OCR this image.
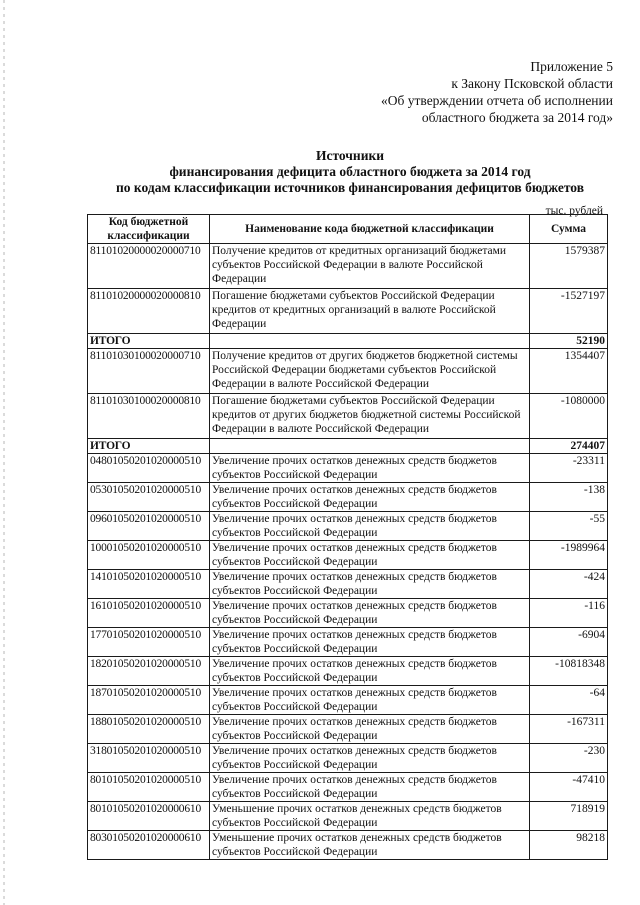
Приложение 5
к Закону Псковской области
«Об утверждении отчета об исполнении
областного бюджета за 2014 год»
Источники
финансирования дефицита областного бюджета за 2014 год
по кодам классификации источников финансирования дефицитов бюджетов
тыс. рублей
Код бюджетной классификации	Наименование кода бюджетной классификации	Сумма
81101020000020000710	Получение кредитов от кредитных организаций бюджетами субъектов Российской Федерации в валюте Российской Федерации	1579387
81101020000020000810	Погашение бюджетами субъектов Российской Федерации кредитов от кредитных организаций в валюте Российской Федерации	-1527197
ИТОГО		52190
81101030100020000710	Получение кредитов от других бюджетов бюджетной системы Российской Федерации бюджетами субъектов Российской Федерации в валюте Российской Федерации	1354407
81101030100020000810	Погашение бюджетами субъектов Российской Федерации кредитов от других бюджетов бюджетной системы Российской Федерации в валюте Российской Федерации	-1080000
ИТОГО		274407
04801050201020000510	Увеличение прочих остатков денежных средств бюджетов субъектов Российской Федерации	-23311
05301050201020000510	Увеличение прочих остатков денежных средств бюджетов субъектов Российской Федерации	-138
09601050201020000510	Увеличение прочих остатков денежных средств бюджетов субъектов Российской Федерации	-55
10001050201020000510	Увеличение прочих остатков денежных средств бюджетов субъектов Российской Федерации	-1989964
14101050201020000510	Увеличение прочих остатков денежных средств бюджетов субъектов Российской Федерации	-424
16101050201020000510	Увеличение прочих остатков денежных средств бюджетов субъектов Российской Федерации	-116
17701050201020000510	Увеличение прочих остатков денежных средств бюджетов субъектов Российской Федерации	-6904
18201050201020000510	Увеличение прочих остатков денежных средств бюджетов субъектов Российской Федерации	-10818348
18701050201020000510	Увеличение прочих остатков денежных средств бюджетов субъектов Российской Федерации	-64
18801050201020000510	Увеличение прочих остатков денежных средств бюджетов субъектов Российской Федерации	-167311
31801050201020000510	Увеличение прочих остатков денежных средств бюджетов субъектов Российской Федерации	-230
80101050201020000510	Увеличение прочих остатков денежных средств бюджетов субъектов Российской Федерации	-47410
80101050201020000610	Уменьшение прочих остатков денежных средств бюджетов субъектов Российской Федерации	718919
80301050201020000610	Уменьшение прочих остатков денежных средств бюджетов субъектов Российской Федерации	98218
